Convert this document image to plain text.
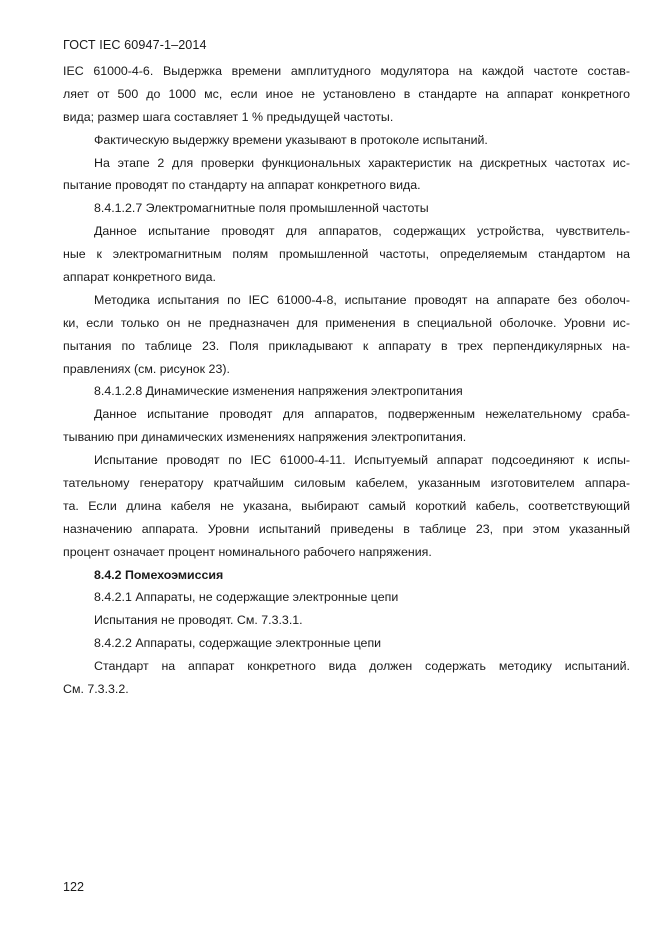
ГОСТ IEC 60947-1–2014
IEC 61000-4-6. Выдержка времени амплитудного модулятора на каждой частоте состав-
ляет от 500 до 1000 мс, если иное не установлено в стандарте на аппарат конкретного
вида; размер шага составляет 1 % предыдущей частоты.
Фактическую выдержку времени указывают в протоколе испытаний.
На этапе 2 для проверки функциональных характеристик на дискретных частотах ис-
пытание проводят по стандарту на аппарат конкретного вида.
8.4.1.2.7 Электромагнитные поля промышленной частоты
Данное испытание проводят для аппаратов, содержащих устройства, чувствитель-
ные к электромагнитным полям промышленной частоты, определяемым стандартом на
аппарат конкретного вида.
Методика испытания по IEC 61000-4-8, испытание проводят на аппарате без оболоч-
ки, если только он не предназначен для применения в специальной оболочке. Уровни ис-
пытания по таблице 23. Поля прикладывают к аппарату в трех перпендикулярных на-
правлениях (см. рисунок 23).
8.4.1.2.8 Динамические изменения напряжения электропитания
Данное испытание проводят для аппаратов, подверженным нежелательному сраба-
тыванию при динамических изменениях напряжения электропитания.
Испытание проводят по IEC 61000-4-11. Испытуемый аппарат подсоединяют к испы-
тательному генератору кратчайшим силовым кабелем, указанным изготовителем аппара-
та. Если длина кабеля не указана, выбирают самый короткий кабель, соответствующий
назначению аппарата. Уровни испытаний приведены в таблице 23, при этом указанный
процент означает процент номинального рабочего напряжения.
8.4.2 Помехоэмиссия
8.4.2.1 Аппараты, не содержащие электронные цепи
Испытания не проводят. См. 7.3.3.1.
8.4.2.2 Аппараты, содержащие электронные цепи
Стандарт на аппарат конкретного вида должен содержать методику испытаний.
См. 7.3.3.2.
122
